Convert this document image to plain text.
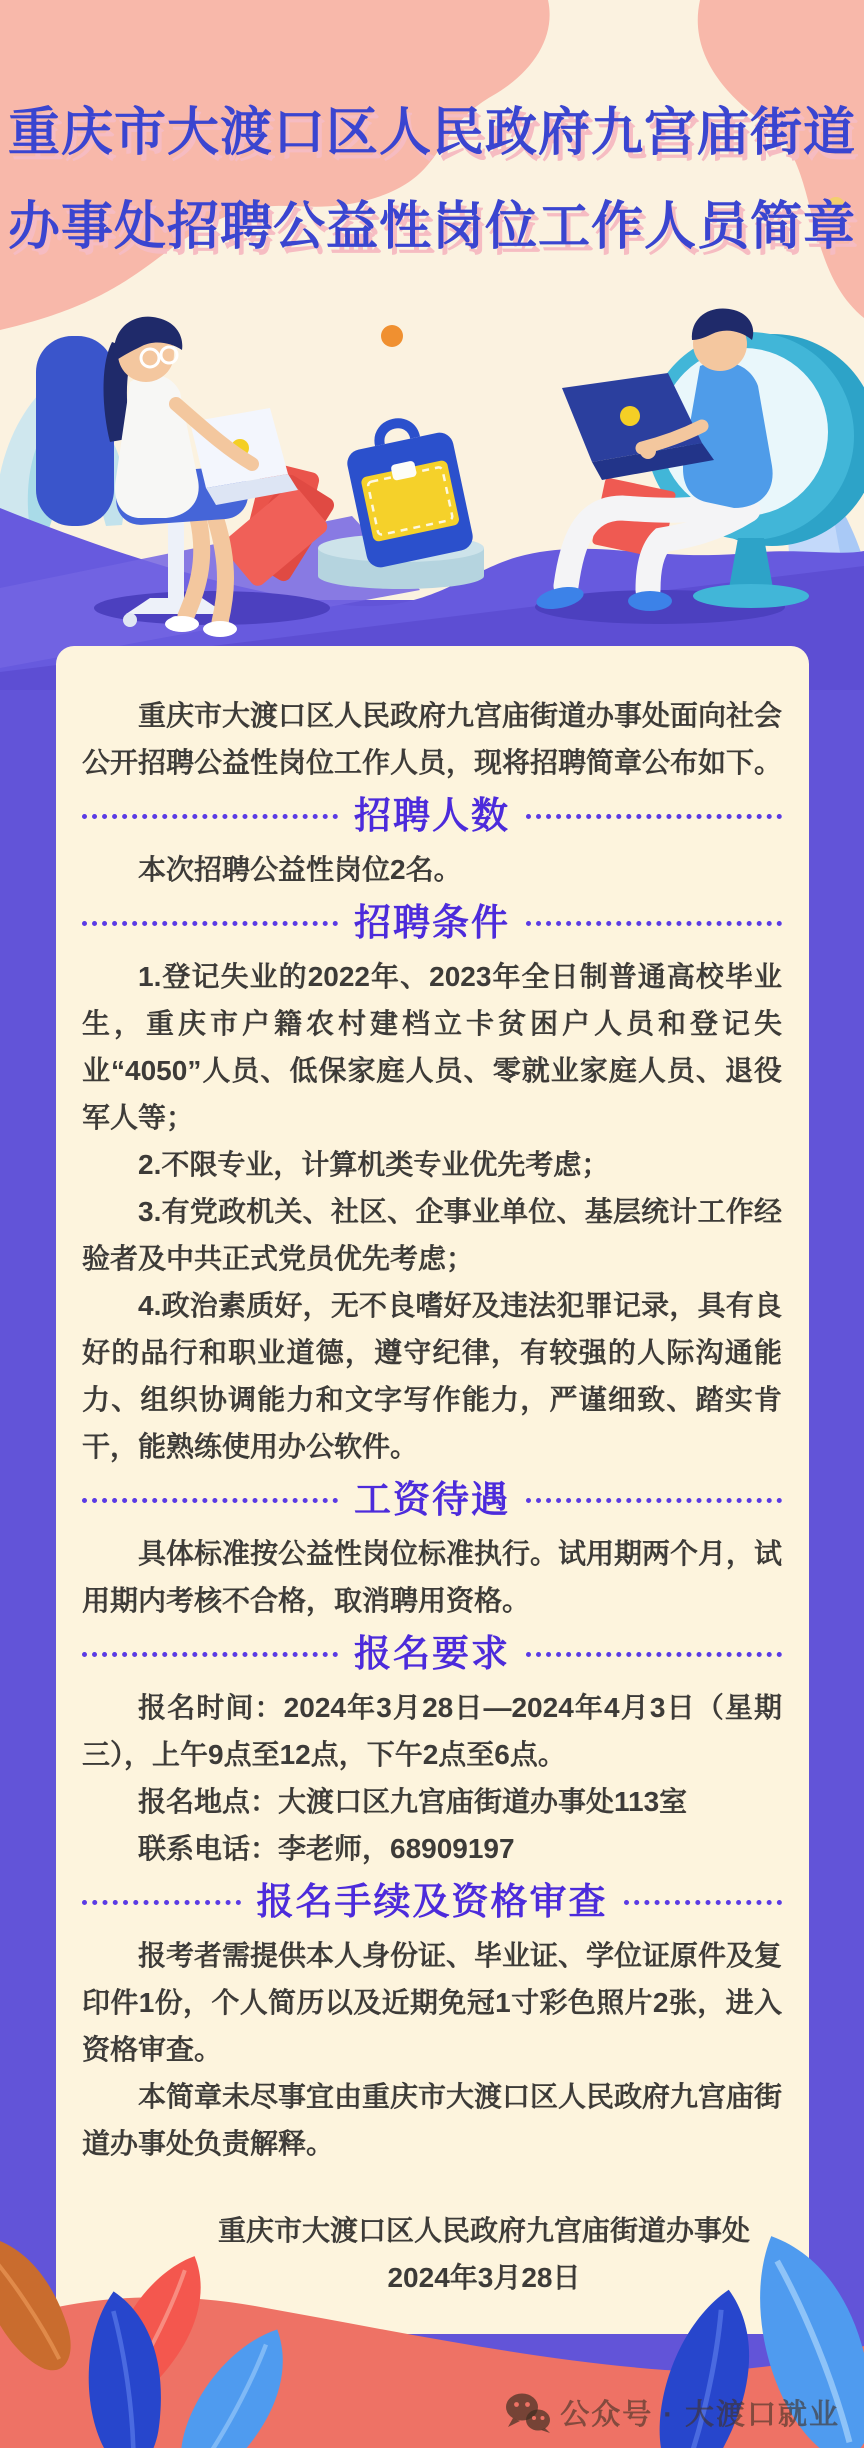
重庆市大渡口区人民政府九宫庙街道
办事处招聘公益性岗位工作人员简章

重庆市大渡口区人民政府九宫庙街道办事处面向社会公开招聘公益性岗位工作人员，现将招聘简章公布如下。

招聘人数

本次招聘公益性岗位2名。

招聘条件

1.登记失业的2022年、2023年全日制普通高校毕业生，重庆市户籍农村建档立卡贫困户人员和登记失业“4050”人员、低保家庭人员、零就业家庭人员、退役军人等；

2.不限专业，计算机类专业优先考虑；

3.有党政机关、社区、企事业单位、基层统计工作经验者及中共正式党员优先考虑；

4.政治素质好，无不良嗜好及违法犯罪记录，具有良好的品行和职业道德，遵守纪律，有较强的人际沟通能力、组织协调能力和文字写作能力，严谨细致、踏实肯干，能熟练使用办公软件。

工资待遇

具体标准按公益性岗位标准执行。试用期两个月，试用期内考核不合格，取消聘用资格。

报名要求

报名时间：2024年3月28日—2024年4月3日（星期三），上午9点至12点，下午2点至6点。

报名地点：大渡口区九宫庙街道办事处113室

联系电话：李老师，68909197

报名手续及资格审查

报考者需提供本人身份证、毕业证、学位证原件及复印件1份，个人简历以及近期免冠1寸彩色照片2张，进入资格审查。

本简章未尽事宜由重庆市大渡口区人民政府九宫庙街道办事处负责解释。

重庆市大渡口区人民政府九宫庙街道办事处

2024年3月28日

公众号 · 大渡口就业
